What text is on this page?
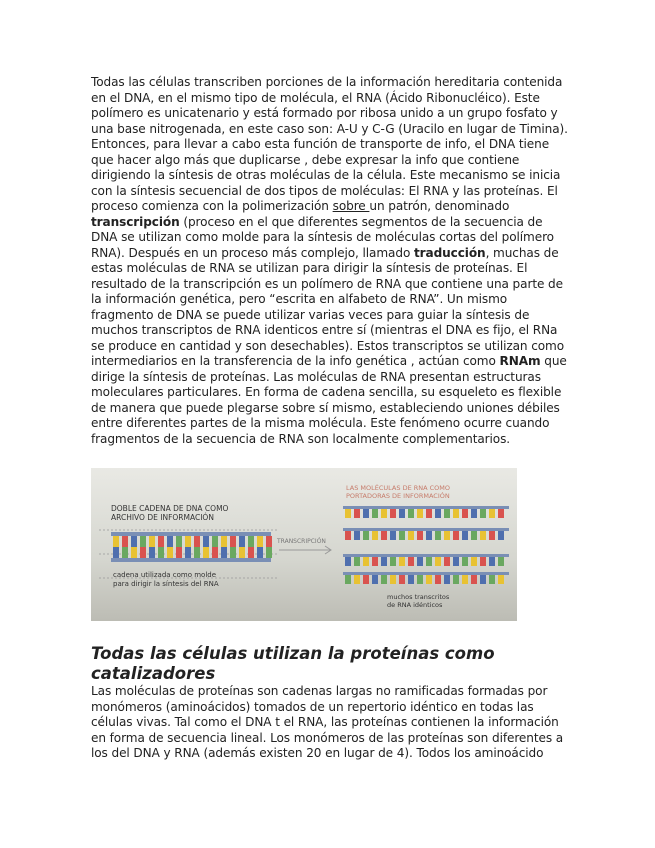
Todas las células transcriben porciones de la información hereditaria contenida en el DNA, en el mismo tipo de molécula, el RNA (Ácido Ribonucléico). Este polímero es unicatenario y está formado por ribosa unido a un grupo fosfato y una base nitrogenada, en este caso son: A-U y C-G (Uracilo en lugar de Timina). Entonces, para llevar a cabo esta función de transporte de info, el DNA tiene que hacer algo más que duplicarse , debe expresar la info que contiene dirigiendo la síntesis de otras moléculas de la célula. Este mecanismo se inicia con la síntesis secuencial de dos tipos de moléculas: El RNA y las proteínas. El proceso comienza con la polimerización sobre un patrón, denominado transcripción (proceso en el que diferentes segmentos de la secuencia de DNA se utilizan como molde para la síntesis de moléculas cortas del polímero RNA). Después en un proceso más complejo, llamado traducción, muchas de estas moléculas de RNA se utilizan para dirigir la síntesis de proteínas. El resultado de la transcripción es un polímero de RNA que contiene una parte de la información genética, pero “escrita en alfabeto de RNA”. Un mismo fragmento de DNA se puede utilizar varias veces para guiar la síntesis de muchos transcriptos de RNA identicos entre sí (mientras el DNA es fijo, el RNa se produce en cantidad y son desechables). Estos transcriptos se utilizan como intermediarios en la transferencia de la info genética , actúan como RNAm que dirige la síntesis de proteínas. Las moléculas de RNA presentan estructuras moleculares particulares. En forma de cadena sencilla, su esqueleto es flexible de manera que puede plegarse sobre sí mismo, estableciendo uniones débiles entre diferentes partes de la misma molécula. Este fenómeno ocurre cuando fragmentos de la secuencia de RNA son localmente complementarios.

DOBLE CADENA DE DNA COMO
ARCHIVO DE INFORMACIÓN
TRANSCRIPCIÓN
LAS MOLÉCULAS DE RNA COMO
PORTADORAS DE INFORMACIÓN
cadena utilizada como molde
para dirigir la síntesis del RNA
muchos transcritos
de RNA idénticos
Todas las células utilizan la proteínas como catalizadores

Las moléculas de proteínas son cadenas largas no ramificadas formadas por monómeros (aminoácidos) tomados de un repertorio idéntico en todas las células vivas. Tal como el DNA t el RNA, las proteínas contienen la información en forma de secuencia lineal. Los monómeros de las proteínas son diferentes a los del DNA y RNA (además existen 20 en lugar de 4). Todos los aminoácido
